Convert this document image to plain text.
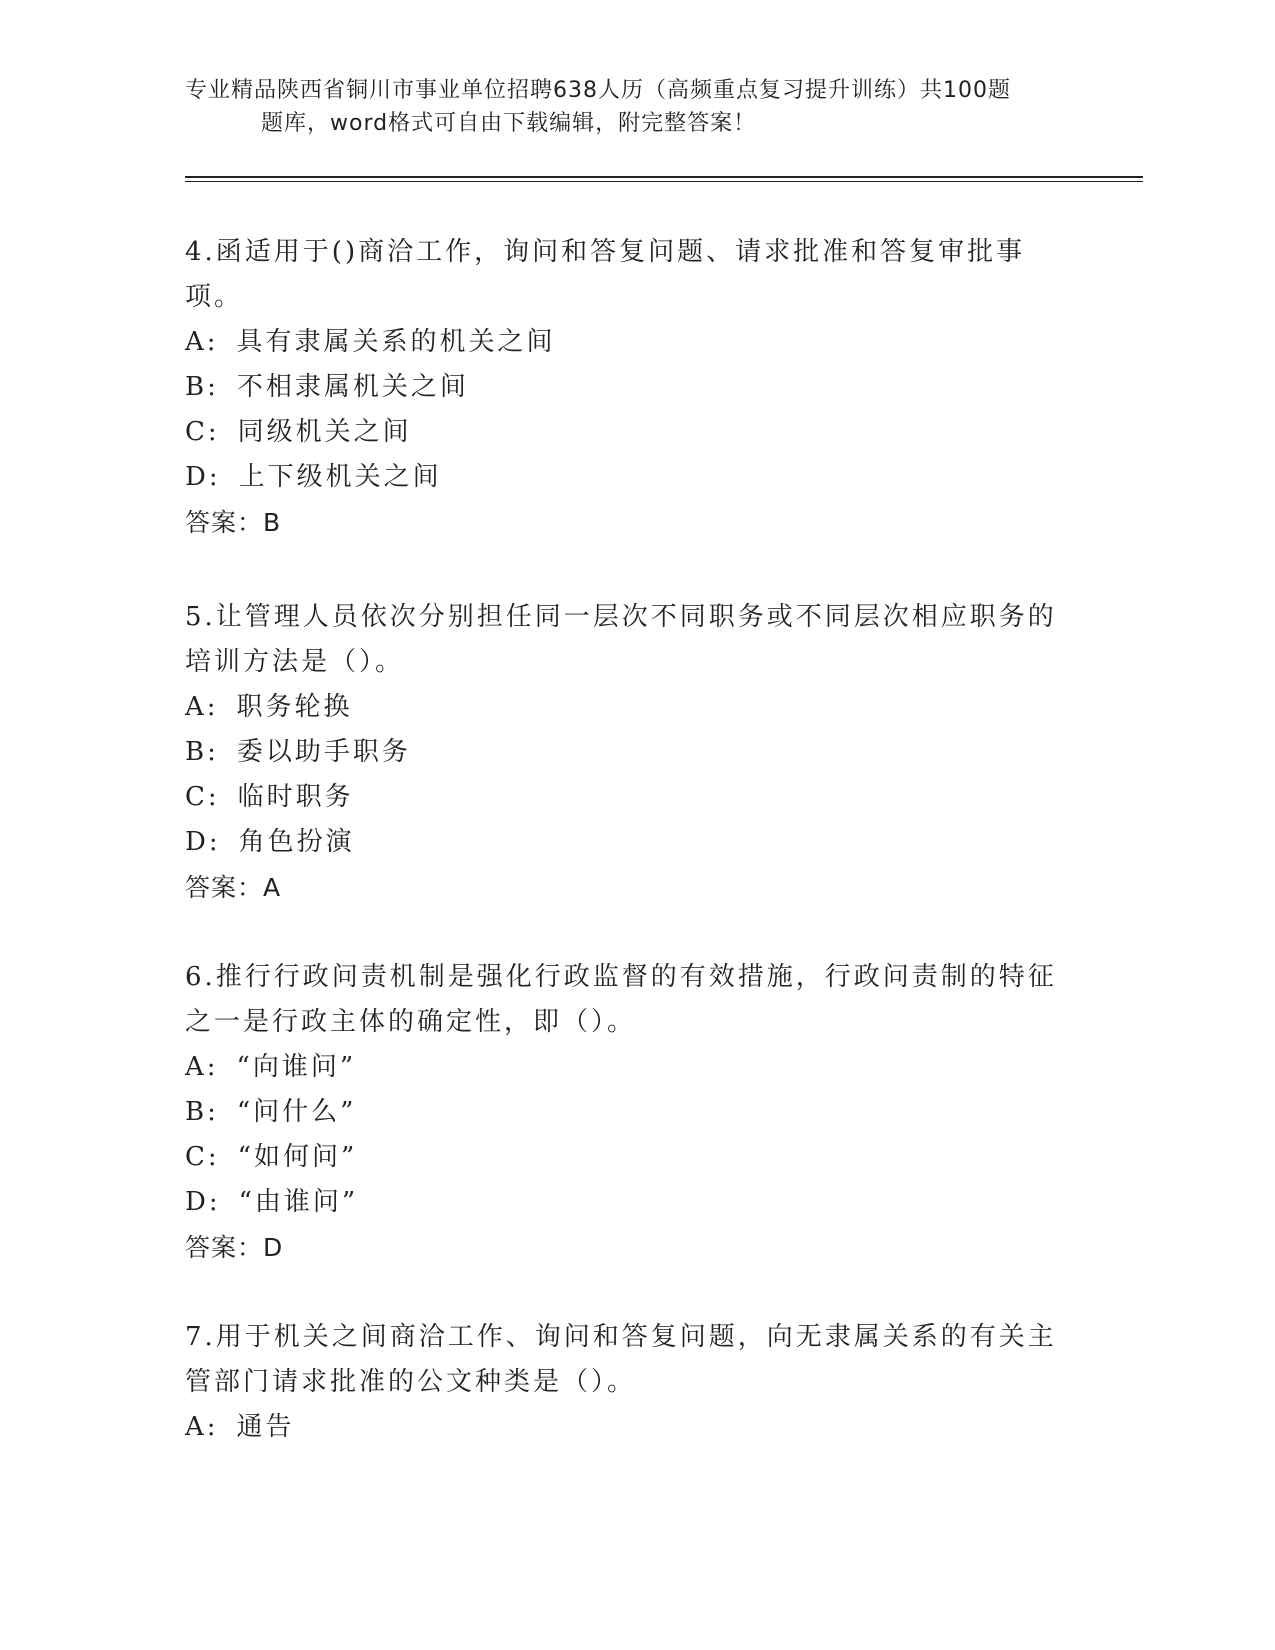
专业精品陕西省铜川市事业单位招聘638人历（高频重点复习提升训练）共100题
题库，word格式可自由下载编辑，附完整答案！
4.函适用于()商洽工作，询问和答复问题、请求批准和答复审批事项。
A: 具有隶属关系的机关之间
B: 不相隶属机关之间
C: 同级机关之间
D: 上下级机关之间
答案：B
5.让管理人员依次分别担任同一层次不同职务或不同层次相应职务的培训方法是（）。
A: 职务轮换
B: 委以助手职务
C: 临时职务
D: 角色扮演
答案：A
6.推行行政问责机制是强化行政监督的有效措施，行政问责制的特征之一是行政主体的确定性，即（）。
A: “向谁问”
B: “问什么”
C: “如何问”
D: “由谁问”
答案：D
7.用于机关之间商洽工作、询问和答复问题，向无隶属关系的有关主管部门请求批准的公文种类是（）。
A: 通告
